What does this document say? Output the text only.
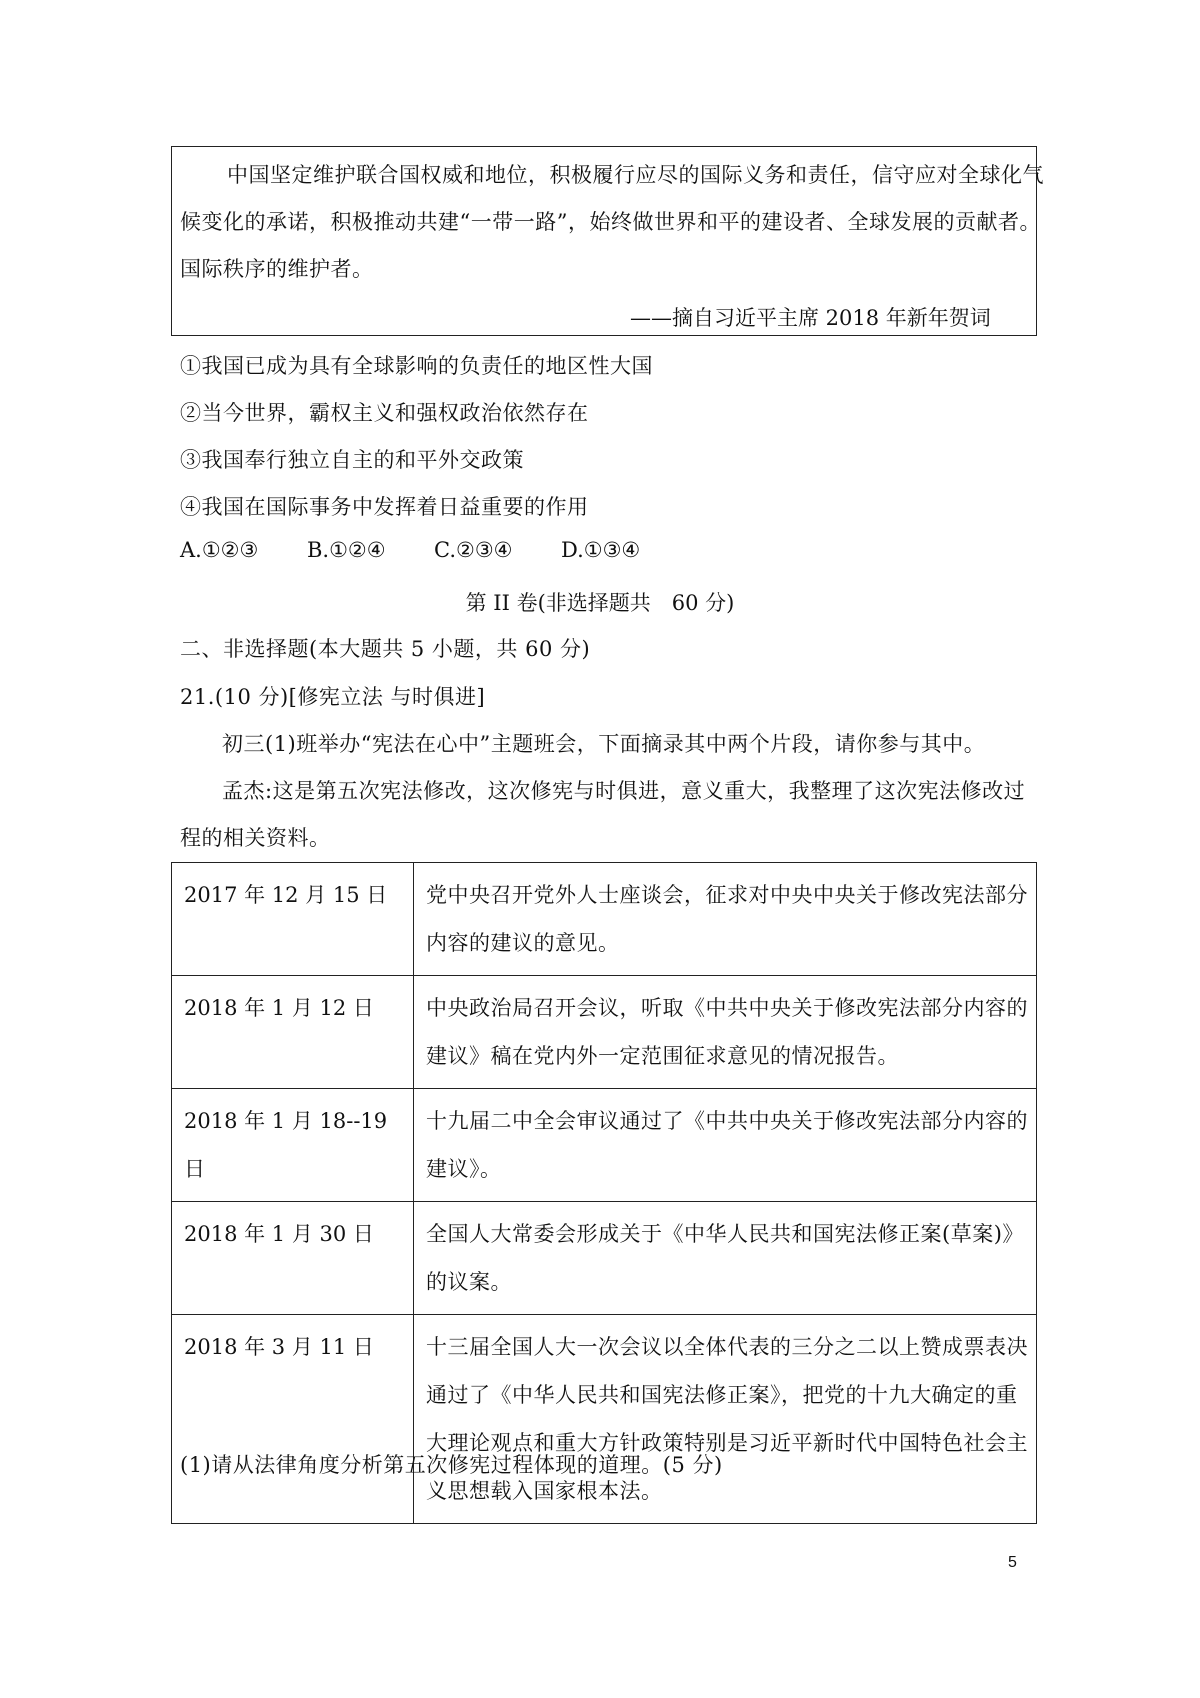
中国坚定维护联合国权威和地位，积极履行应尽的国际义务和责任，信守应对全球化气
候变化的承诺，积极推动共建“一带一路”，始终做世界和平的建设者、全球发展的贡献者。
国际秩序的维护者。
——摘自习近平主席 2018 年新年贺词
①我国已成为具有全球影响的负责任的地区性大国
②当今世界，霸权主义和强权政治依然存在
③我国奉行独立自主的和平外交政策
④我国在国际事务中发挥着日益重要的作用
A.①②③ B.①②④ C.②③④ D.①③④
第 II 卷(非选择题共　60 分)
二、非选择题(本大题共 5 小题，共 60 分)
21.(10 分)[修宪立法 与时俱进]
初三(1)班举办“宪法在心中”主题班会，下面摘录其中两个片段，请你参与其中。
孟杰:这是第五次宪法修改，这次修宪与时俱进，意义重大，我整理了这次宪法修改过
程的相关资料。
2017 年 12 月 15 日	党中央召开党外人士座谈会，征求对中央中央关于修改宪法部分
内容的建议的意见。

2018 年 1 月 12 日	中央政治局召开会议，听取《中共中央关于修改宪法部分内容的
建议》稿在党内外一定范围征求意见的情况报告。

2018 年 1 月 18--19 日	十九届二中全会审议通过了《中共中央关于修改宪法部分内容的
建议》。

2018 年 1 月 30 日	全国人大常委会形成关于《中华人民共和国宪法修正案(草案)》
的议案。

2018 年 3 月 11 日	十三届全国人大一次会议以全体代表的三分之二以上赞成票表决
通过了《中华人民共和国宪法修正案》，把党的十九大确定的重
大理论观点和重大方针政策特别是习近平新时代中国特色社会主
义思想载入国家根本法。
(1)请从法律角度分析第五次修宪过程体现的道理。(5 分)
5
